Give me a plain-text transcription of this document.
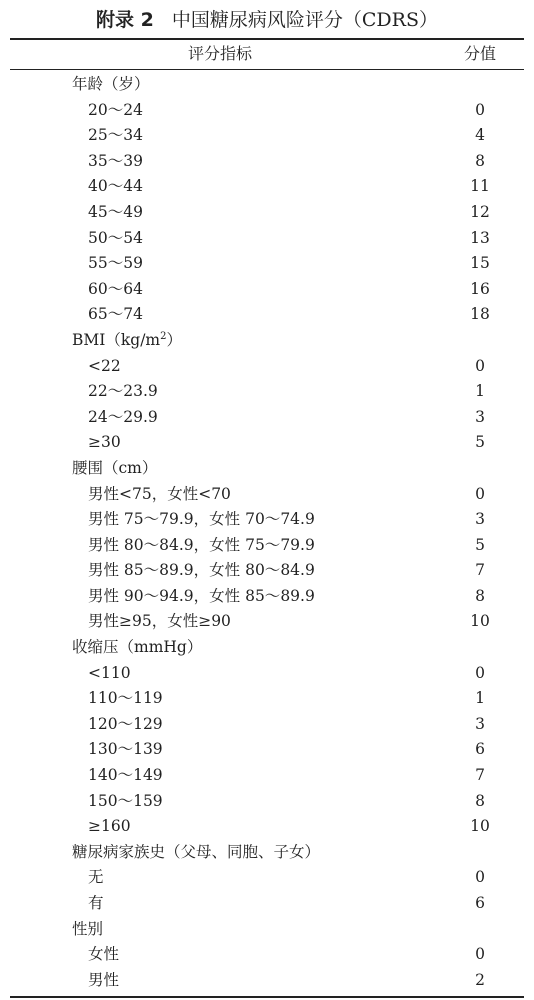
附录 2 中国糖尿病风险评分（CDRS）
评分指标	分值
年龄（岁）
20～24	0
25～34	4
35～39	8
40～44	11
45～49	12
50～54	13
55～59	15
60～64	16
65～74	18
$BMI(kg/m^2)$
<22	0
22～23.9	1
24～29.9	3
≥30	5
腰围（cm）
男性<75，女性<70	0
男性 75～79.9，女性 70～74.9	3
男性 80～84.9，女性 75～79.9	5
男性 85～89.9，女性 80～84.9	7
男性 90～94.9，女性 85～89.9	8
男性≥95，女性≥90	10
收缩压（mmHg）
<110	0
110～119	1
120～129	3
130～139	6
140～149	7
150～159	8
≥160	10
糖尿病家族史（父母、同胞、子女）
无	0
有	6
性别
女性	0
男性	2
